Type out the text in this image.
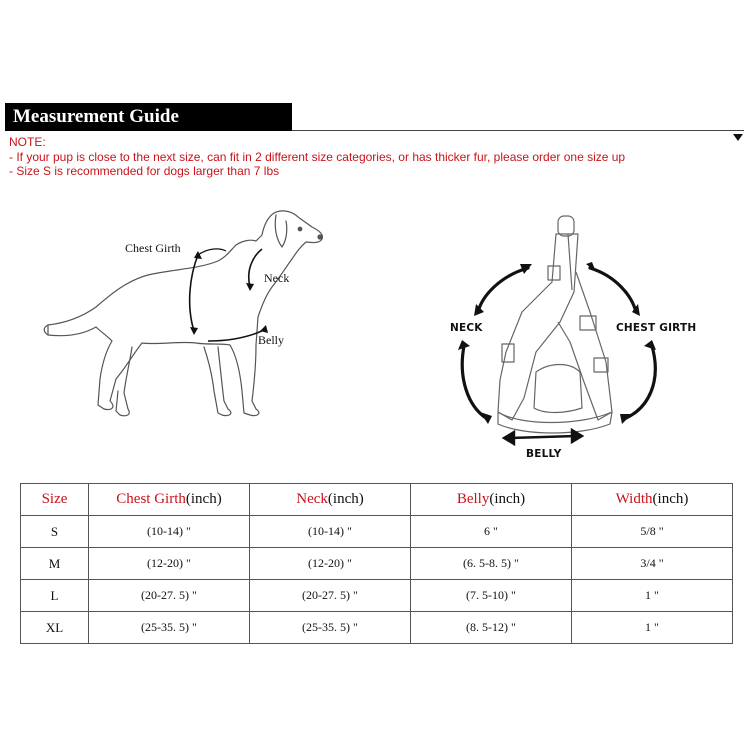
Measurement Guide
NOTE:
- If your pup is close to the next size, can fit in 2 different size categories, or has thicker fur, please order one size up
- Size S is recommended for dogs larger than 7 lbs
Chest Girth
Neck
Belly
NECK	CHEST GIRTH
BELLY
Size	Chest Girth(inch)	Neck(inch)	Belly(inch)	Width(inch)
S	(10-14) "	(10-14) "	6 "	5/8 "
M	(12-20) "	(12-20) "	(6. 5-8. 5) "	3/4 "
L	(20-27. 5) "	(20-27. 5) "	(7. 5-10) "	1 "
XL	(25-35. 5) "	(25-35. 5) "	(8. 5-12) "	1 "
